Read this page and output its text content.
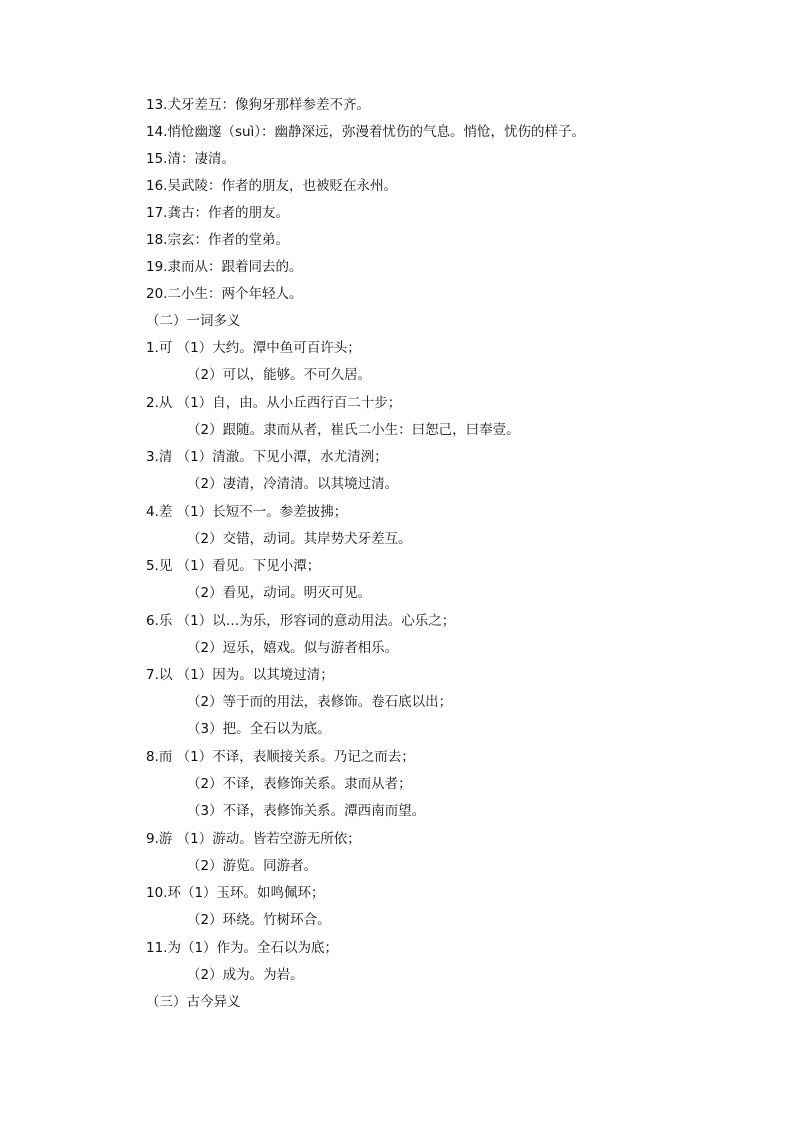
13.犬牙差互：像狗牙那样参差不齐。
14.悄怆幽邃（suì）：幽静深远，弥漫着忧伤的气息。悄怆，忧伤的样子。
15.清：凄清。
16.吴武陵：作者的朋友，也被贬在永州。
17.龚古：作者的朋友。
18.宗玄：作者的堂弟。
19.隶而从：跟着同去的。
20.二小生：两个年轻人。
（二）一词多义
1.可 （1）大约。潭中鱼可百许头；
（2）可以，能够。不可久居。
2.从 （1）自，由。从小丘西行百二十步；
（2）跟随。隶而从者，崔氏二小生：曰恕己，曰奉壹。
3.清 （1）清澈。下见小潭，水尤清洌；
（2）凄清，冷清清。以其境过清。
4.差 （1）长短不一。参差披拂；
（2）交错，动词。其岸势犬牙差互。
5.见 （1）看见。下见小潭；
（2）看见，动词。明灭可见。
6.乐 （1）以…为乐，形容词的意动用法。心乐之；
（2）逗乐，嬉戏。似与游者相乐。
7.以 （1）因为。以其境过清；
（2）等于而的用法，表修饰。卷石底以出；
（3）把。全石以为底。
8.而 （1）不译，表顺接关系。乃记之而去；
（2）不译，表修饰关系。隶而从者；
（3）不译，表修饰关系。潭西南而望。
9.游 （1）游动。皆若空游无所依；
（2）游览。同游者。
10.环（1）玉环。如鸣佩环；
（2）环绕。竹树环合。
11.为（1）作为。全石以为底；
（2）成为。为岩。
（三）古今异义
